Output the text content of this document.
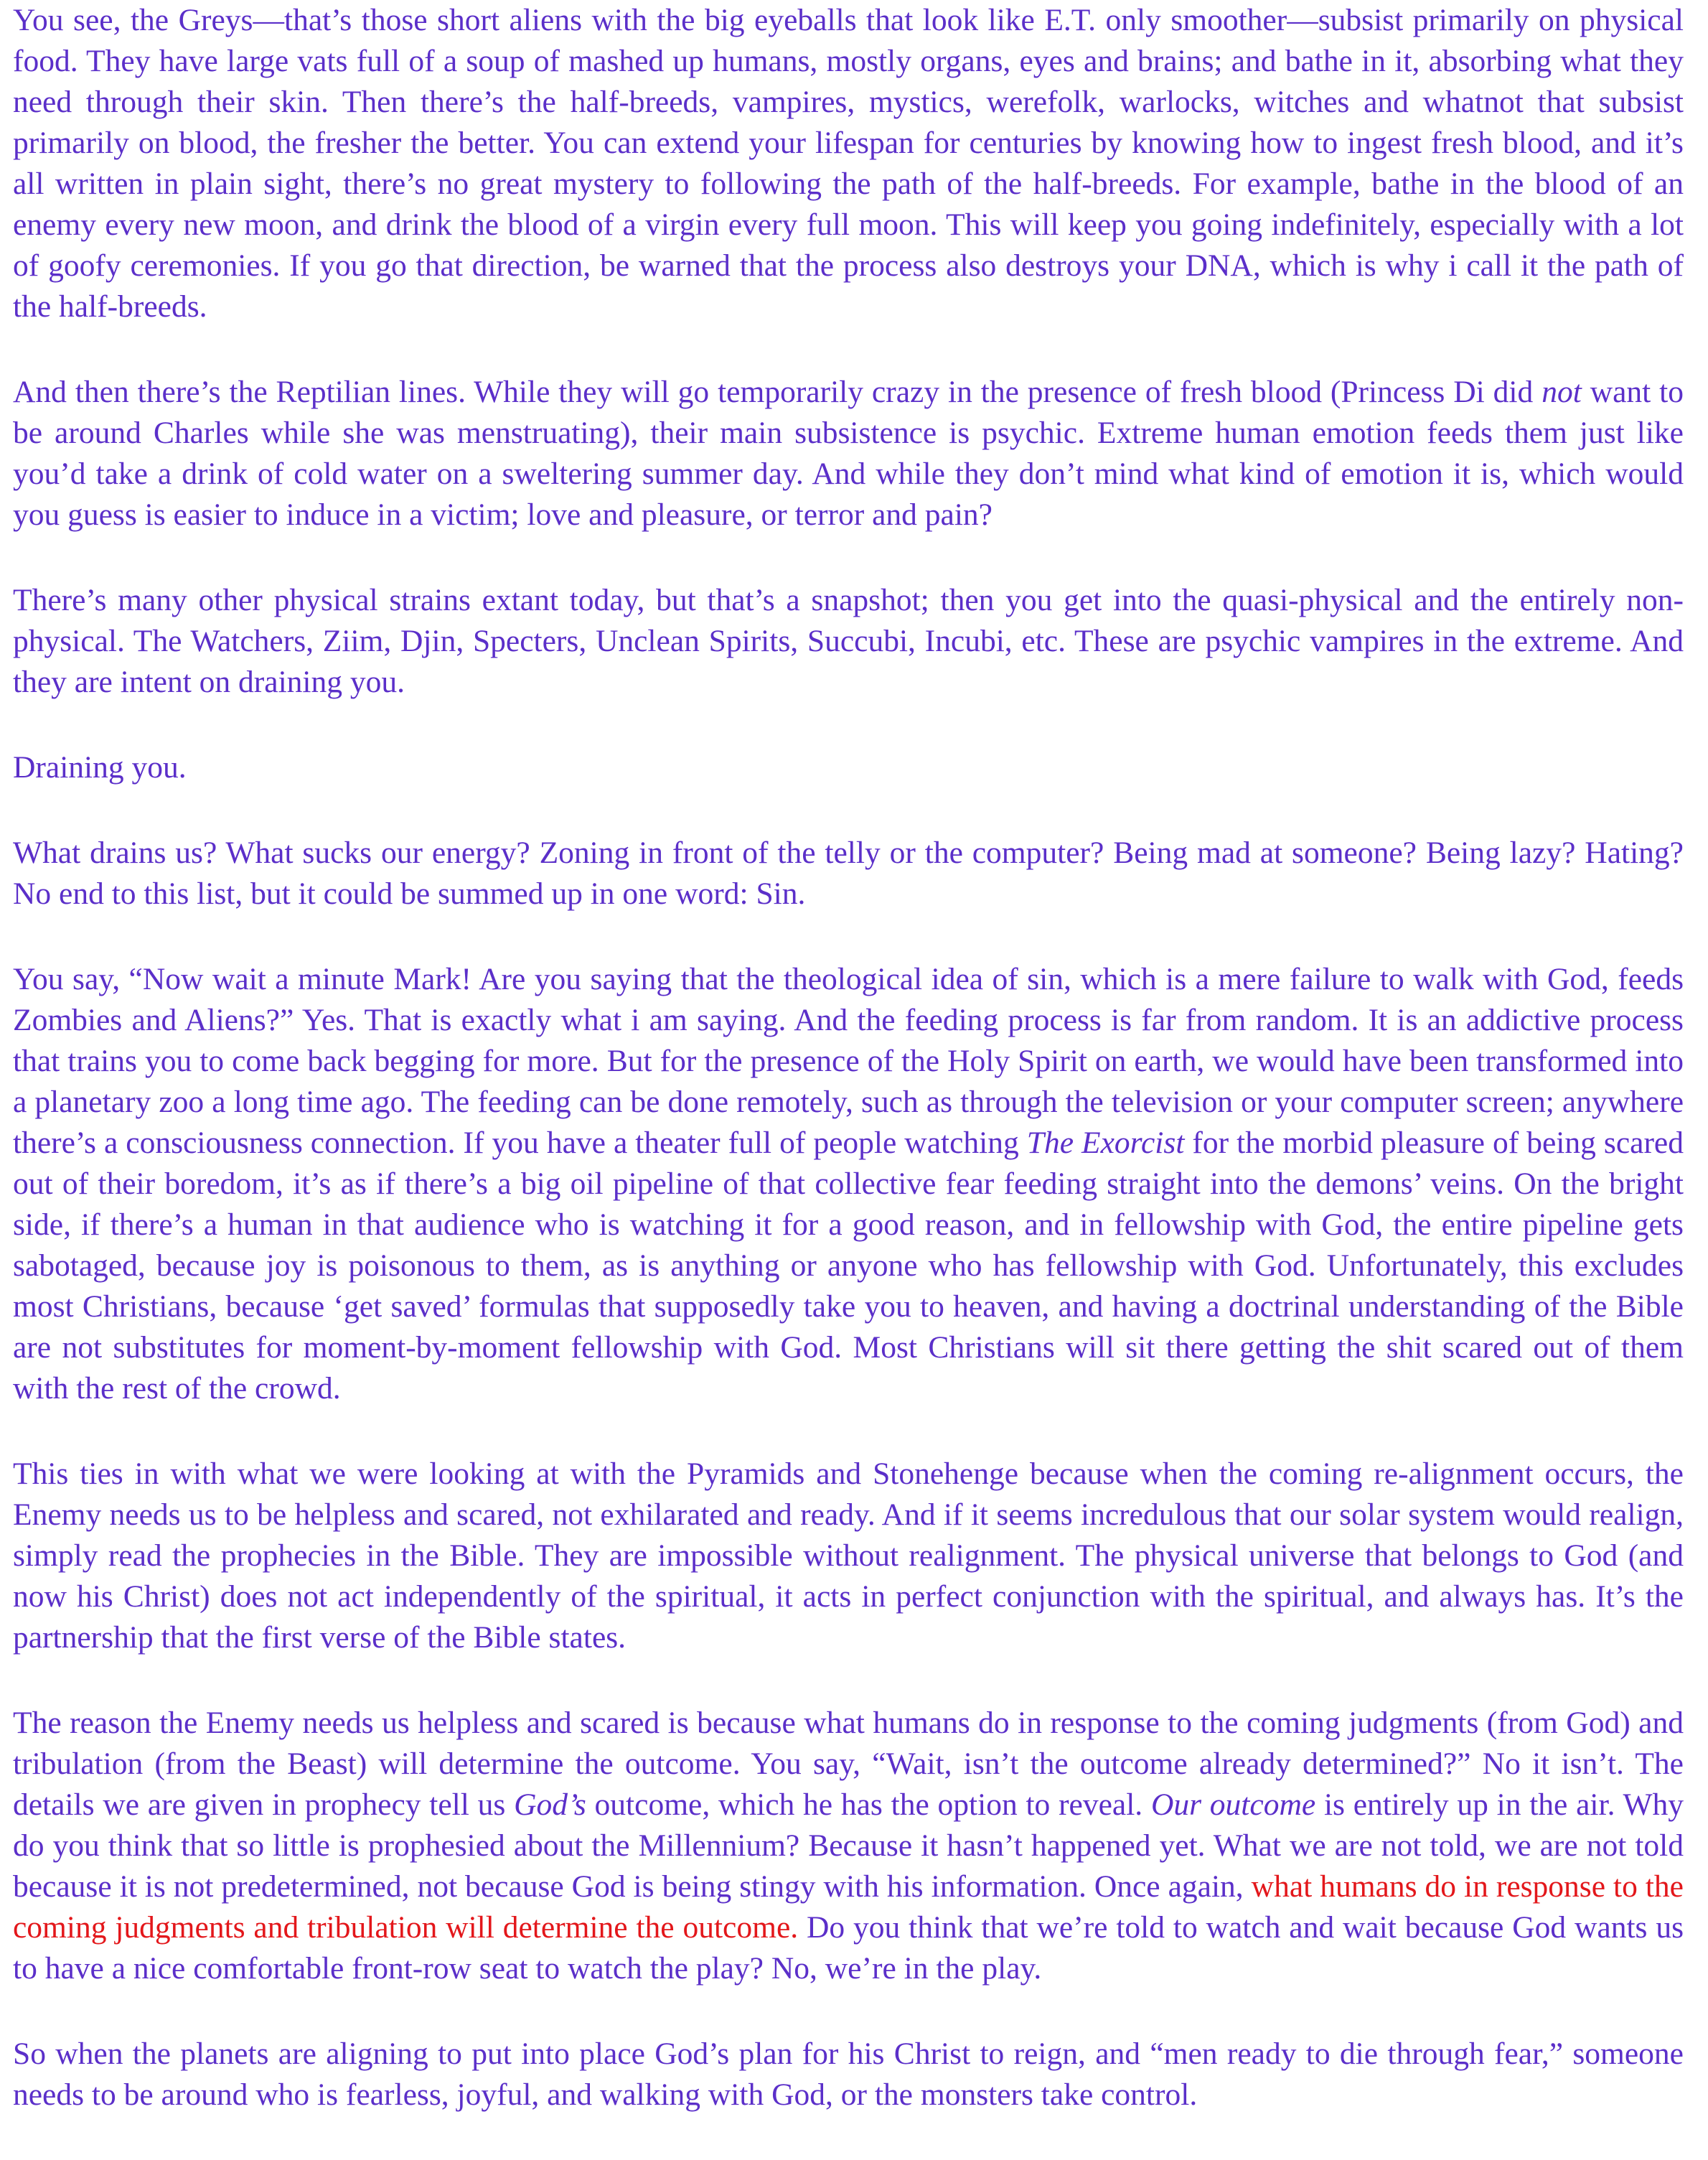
You see, the Greys—that’s those short aliens with the big eyeballs that look like E.T. only smoother—subsist primarily on physical food. They have large vats full of a soup of mashed up humans, mostly organs, eyes and brains; and bathe in it, absorbing what they need through their skin. Then there’s the half-breeds, vampires, mystics, werefolk, warlocks, witches and whatnot that subsist primarily on blood, the fresher the better. You can extend your lifespan for centuries by knowing how to ingest fresh blood, and it’s all written in plain sight, there’s no great mystery to following the path of the half-breeds. For example, bathe in the blood of an enemy every new moon, and drink the blood of a virgin every full moon. This will keep you going indefinitely, especially with a lot of goofy ceremonies. If you go that direction, be warned that the process also destroys your DNA, which is why i call it the path of the half-breeds.

And then there’s the Reptilian lines. While they will go temporarily crazy in the presence of fresh blood (Princess Di did not want to be around Charles while she was menstruating), their main subsistence is psychic. Extreme human emotion feeds them just like you’d take a drink of cold water on a sweltering summer day. And while they don’t mind what kind of emotion it is, which would you guess is easier to induce in a victim; love and pleasure, or terror and pain?

There’s many other physical strains extant today, but that’s a snapshot; then you get into the quasi-physical and the entirely non-physical. The Watchers, Ziim, Djin, Specters, Unclean Spirits, Succubi, Incubi, etc. These are psychic vampires in the extreme. And they are intent on draining you.

Draining you.

What drains us? What sucks our energy? Zoning in front of the telly or the computer? Being mad at someone? Being lazy? Hating? No end to this list, but it could be summed up in one word: Sin.

You say, “Now wait a minute Mark! Are you saying that the theological idea of sin, which is a mere failure to walk with God, feeds Zombies and Aliens?” Yes. That is exactly what i am saying. And the feeding process is far from random. It is an addictive process that trains you to come back begging for more. But for the presence of the Holy Spirit on earth, we would have been transformed into a planetary zoo a long time ago. The feeding can be done remotely, such as through the television or your computer screen; anywhere there’s a consciousness connection. If you have a theater full of people watching The Exorcist for the morbid pleasure of being scared out of their boredom, it’s as if there’s a big oil pipeline of that collective fear feeding straight into the demons’ veins. On the bright side, if there’s a human in that audience who is watching it for a good reason, and in fellowship with God, the entire pipeline gets sabotaged, because joy is poisonous to them, as is anything or anyone who has fellowship with God. Unfortunately, this excludes most Christians, because ‘get saved’ formulas that supposedly take you to heaven, and having a doctrinal understanding of the Bible are not substitutes for moment-by-moment fellowship with God. Most Christians will sit there getting the shit scared out of them with the rest of the crowd.

This ties in with what we were looking at with the Pyramids and Stonehenge because when the coming re-alignment occurs, the Enemy needs us to be helpless and scared, not exhilarated and ready. And if it seems incredulous that our solar system would realign, simply read the prophecies in the Bible. They are impossible without realignment. The physical universe that belongs to God (and now his Christ) does not act independently of the spiritual, it acts in perfect conjunction with the spiritual, and always has. It’s the partnership that the first verse of the Bible states.

The reason the Enemy needs us helpless and scared is because what humans do in response to the coming judgments (from God) and tribulation (from the Beast) will determine the outcome. You say, “Wait, isn’t the outcome already determined?” No it isn’t. The details we are given in prophecy tell us God’s outcome, which he has the option to reveal. Our outcome is entirely up in the air. Why do you think that so little is prophesied about the Millennium? Because it hasn’t happened yet. What we are not told, we are not told because it is not predetermined, not because God is being stingy with his information. Once again, what humans do in response to the coming judgments and tribulation will determine the outcome. Do you think that we’re told to watch and wait because God wants us to have a nice comfortable front-row seat to watch the play? No, we’re in the play.

So when the planets are aligning to put into place God’s plan for his Christ to reign, and “men ready to die through fear,” someone needs to be around who is fearless, joyful, and walking with God, or the monsters take control.
